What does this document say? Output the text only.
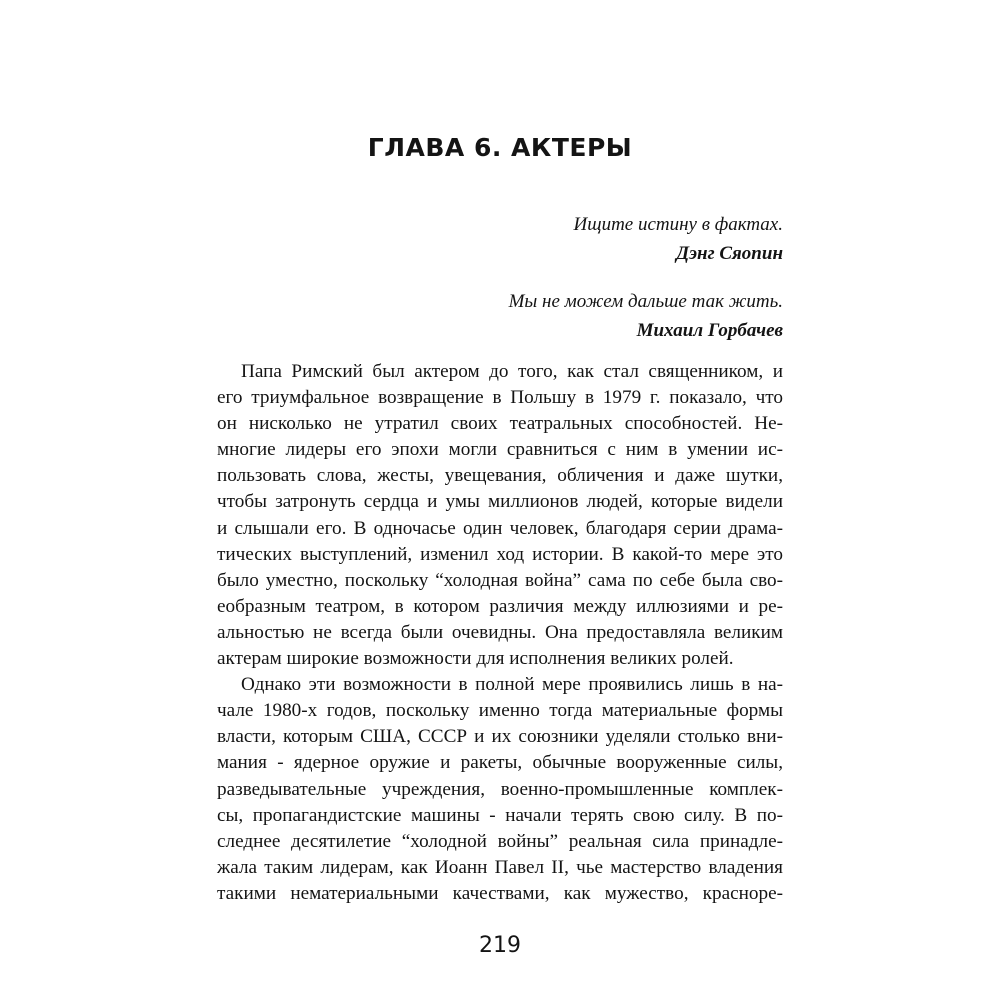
ГЛАВА 6. АКТЕРЫ
Ищите истину в фактах.
Дэнг Сяопин
Мы не можем дальше так жить.
Михаил Горбачев
Папа Римский был актером до того, как стал священником, и
его триумфальное возвращение в Польшу в 1979 г. показало, что
он нисколько не утратил своих театральных способностей. Не-
многие лидеры его эпохи могли сравниться с ним в умении ис-
пользовать слова, жесты, увещевания, обличения и даже шутки,
чтобы затронуть сердца и умы миллионов людей, которые видели
и слышали его. В одночасье один человек, благодаря серии драма-
тических выступлений, изменил ход истории. В какой-то мере это
было уместно, поскольку “холодная война” сама по себе была сво-
еобразным театром, в котором различия между иллюзиями и ре-
альностью не всегда были очевидны. Она предоставляла великим
актерам широкие возможности для исполнения великих ролей.
Однако эти возможности в полной мере проявились лишь в на-
чале 1980-х годов, поскольку именно тогда материальные формы
власти, которым США, СССР и их союзники уделяли столько вни-
мания - ядерное оружие и ракеты, обычные вооруженные силы,
разведывательные учреждения, военно-промышленные комплек-
сы, пропагандистские машины - начали терять свою силу. В по-
следнее десятилетие “холодной войны” реальная сила принадле-
жала таким лидерам, как Иоанн Павел II, чье мастерство владения
такими нематериальными качествами, как мужество, красноре-
219
